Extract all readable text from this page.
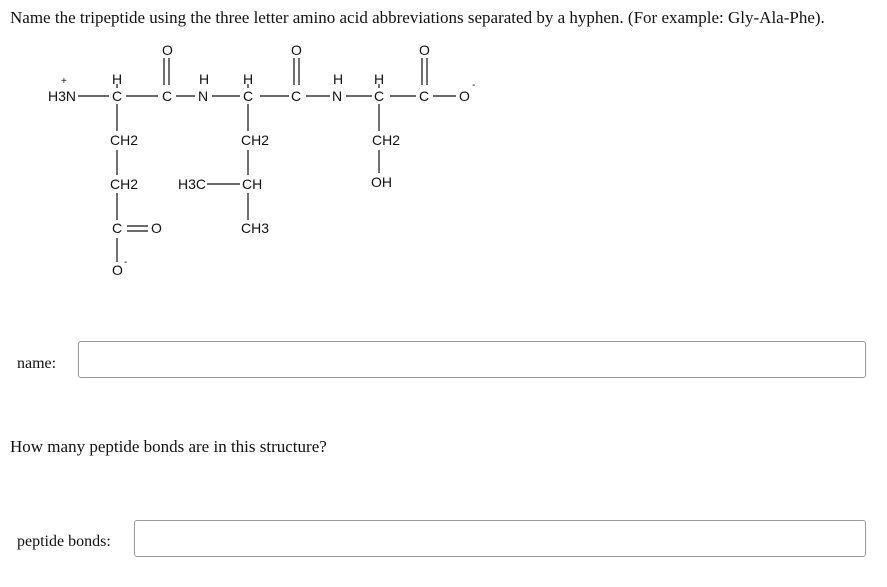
Name the tripeptide using the three letter amino acid abbreviations separated by a hyphen. (For example: Gly-Ala-Phe).
H3N
+	H
C	C
O
H
N
H
C	C
O
H
N
H
C C
O
O
-
CH2
CH2
C O
O -
CH2
H3C	CH
CH3
CH2
OH
name:
How many peptide bonds are in this structure?
peptide bonds:
